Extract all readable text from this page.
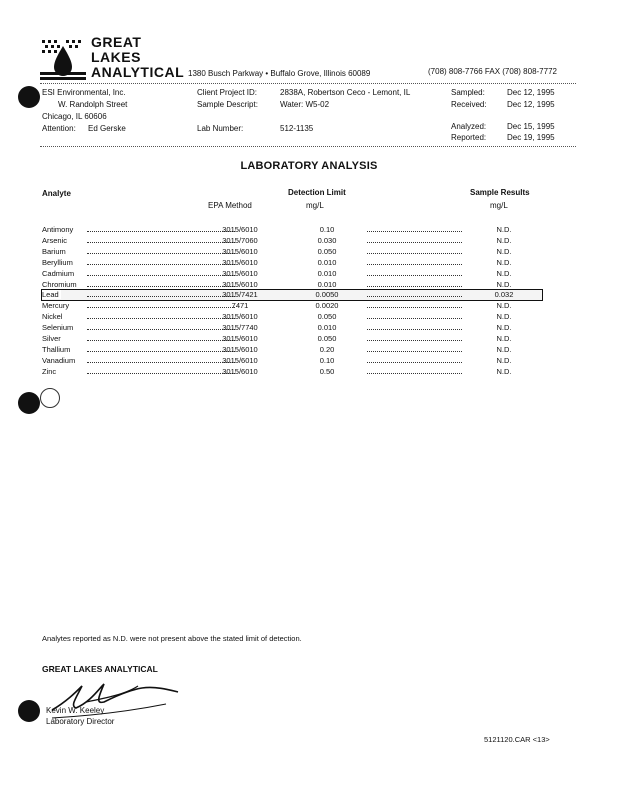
GREAT
LAKES
ANALYTICAL 1380 Busch Parkway • Buffalo Grove, Illinois 60089	(708) 808-7766 FAX (708) 808-7772
ESI Environmental, Inc.
W. Randolph Street
Chicago, IL 60606
Attention: Ed Gerske
Client Project ID:	2838A, Robertson Ceco - Lemont, IL
Sample Descript:	Water: W5-02
Lab Number:	512-1135
Sampled:	Dec 12, 1995
Received:	Dec 12, 1995
Analyzed:	Dec 15, 1995
Reported:	Dec 19, 1995
LABORATORY ANALYSIS
Analyte
EPA Method
Detection Limit
mg/L
Sample Results
mg/L
Antimony	3015/6010	0.10	N.D.
Arsenic	3015/7060	0.030	N.D.
Barium	3015/6010	0.050	N.D.
Beryllium	3015/6010	0.010	N.D.
Cadmium	3015/6010	0.010	N.D.
Chromium	3015/6010	0.010	N.D.
Lead	3015/7421	0.0050	0.032
Mercury	7471	0.0020	N.D.
Nickel	3015/6010	0.050	N.D.
Selenium	3015/7740	0.010	N.D.
Silver	3015/6010	0.050	N.D.
Thallium	3015/6010	0.20	N.D.
Vanadium	3015/6010	0.10	N.D.
Zinc	3015/6010	0.50	N.D.
Analytes reported as N.D. were not present above the stated limit of detection.
GREAT LAKES ANALYTICAL
Kevin W. Keeley
Laboratory Director
5121120.CAR <13>
